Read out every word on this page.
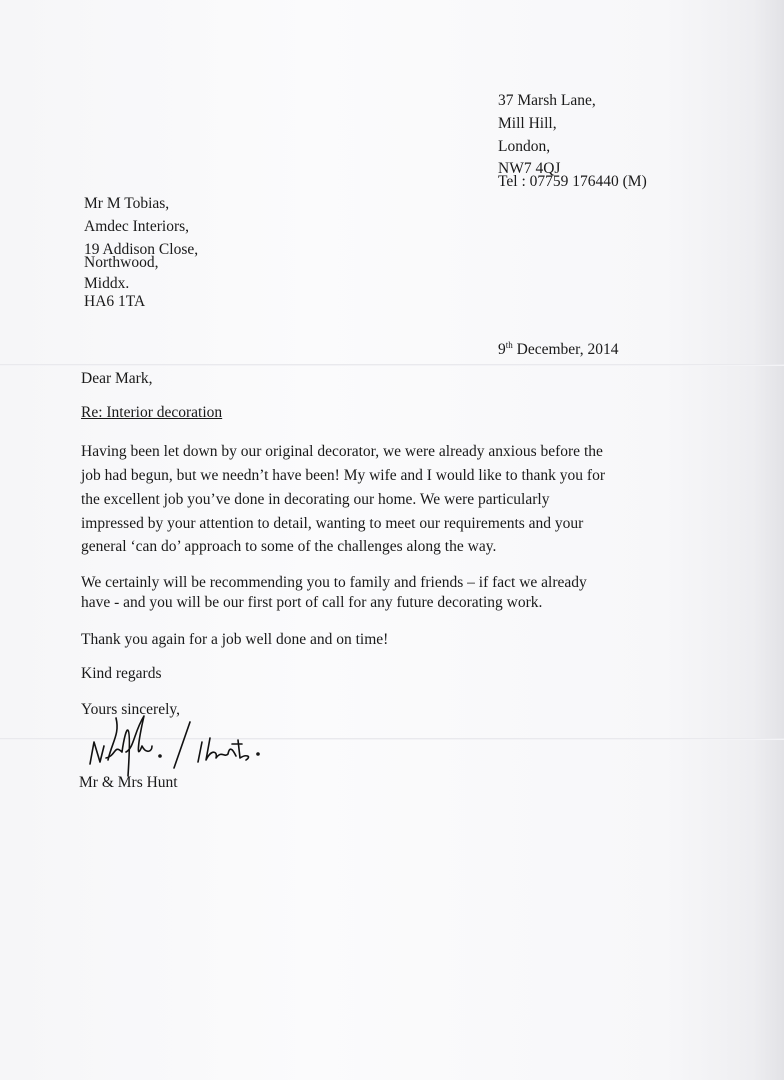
37 Marsh Lane,
Mill Hill,
London,
NW7 4QJ
Tel : 07759 176440 (M)
Mr M Tobias,
Amdec Interiors,
19 Addison Close,
Northwood,
Middx.
HA6 1TA
9th December, 2014
Dear Mark,
Re: Interior decoration
Having been let down by our original decorator, we were already anxious before the
job had begun, but we needn’t have been! My wife and I would like to thank you for
the excellent job you’ve done in decorating our home. We were particularly
impressed by your attention to detail, wanting to meet our requirements and your
general ‘can do’ approach to some of the challenges along the way.
We certainly will be recommending you to family and friends – if fact we already
have - and you will be our first port of call for any future decorating work.
Thank you again for a job well done and on time!
Kind regards
Yours sincerely,
Mr & Mrs Hunt
